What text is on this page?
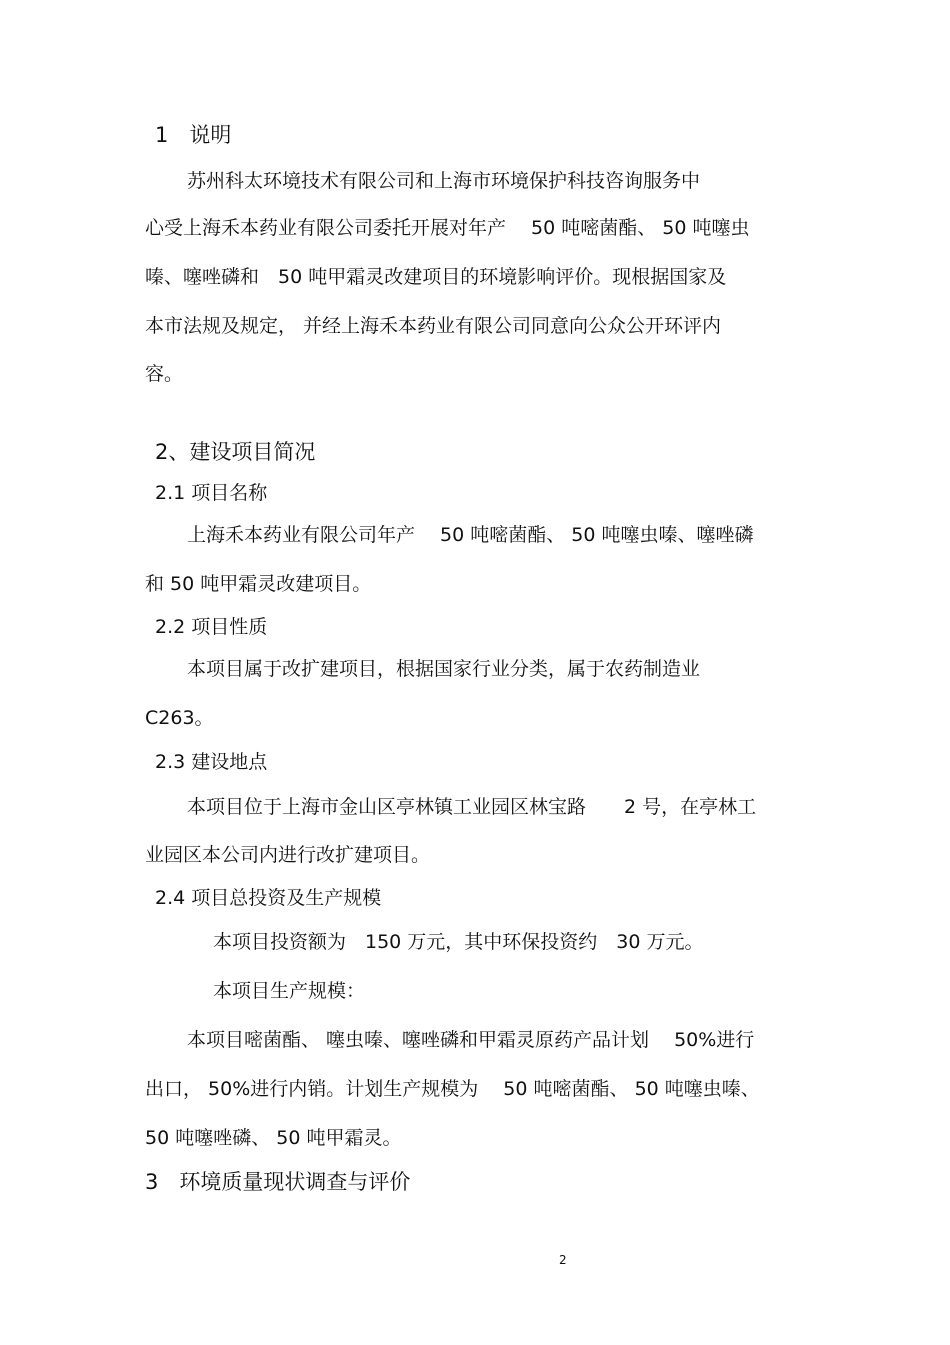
1　说明
苏州科太环境技术有限公司和上海市环境保护科技咨询服务中
心受上海禾本药业有限公司委托开展对年产　 50 吨嘧菌酯、 50 吨噻虫
嗪、噻唑磷和　50 吨甲霜灵改建项目的环境影响评价。现根据国家及
本市法规及规定， 并经上海禾本药业有限公司同意向公众公开环评内
容。
2、建设项目简况
2.1 项目名称
上海禾本药业有限公司年产　 50 吨嘧菌酯、 50 吨噻虫嗪、噻唑磷
和 50 吨甲霜灵改建项目。
2.2 项目性质
本项目属于改扩建项目，根据国家行业分类，属于农药制造业
C263。
2.3 建设地点
本项目位于上海市金山区亭林镇工业园区林宝路　　2 号，在亭林工
业园区本公司内进行改扩建项目。
2.4 项目总投资及生产规模
本项目投资额为　150 万元，其中环保投资约　30 万元。
本项目生产规模：
本项目嘧菌酯、 噻虫嗪、噻唑磷和甲霜灵原药产品计划　 50%进行
出口， 50%进行内销。计划生产规模为　 50 吨嘧菌酯、 50 吨噻虫嗪、
50 吨噻唑磷、 50 吨甲霜灵。
3　环境质量现状调查与评价
2
